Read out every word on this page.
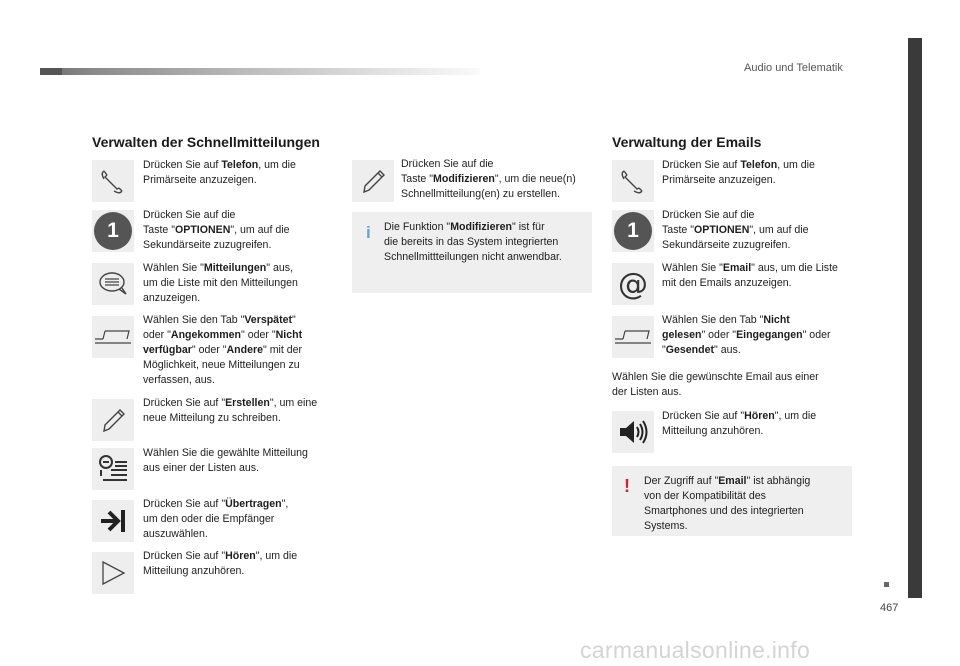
Audio und Telematik
467
Verwalten der Schnellmitteilungen
Drücken Sie auf Telefon, um die
Primärseite anzuzeigen.
1
Drücken Sie auf die
Taste "OPTIONEN", um auf die
Sekundärseite zuzugreifen.
Wählen Sie "Mitteilungen" aus,
um die Liste mit den Mitteilungen
anzuzeigen.
Wählen Sie den Tab "Verspätet"
oder "Angekommen" oder "Nicht
verfügbar" oder "Andere" mit der
Möglichkeit, neue Mitteilungen zu
verfassen, aus.
Drücken Sie auf "Erstellen", um eine
neue Mitteilung zu schreiben.
Wählen Sie die gewählte Mitteilung
aus einer der Listen aus.
Drücken Sie auf "Übertragen",
um den oder die Empfänger
auszuwählen.
Drücken Sie auf "Hören", um die
Mitteilung anzuhören.
Drücken Sie auf die
Taste "Modifizieren", um die neue(n)
Schnellmitteilung(en) zu erstellen.
i Die Funktion "Modifizieren" ist für
die bereits in das System integrierten
Schnellmittteilungen nicht anwendbar.
Verwaltung der Emails
Drücken Sie auf Telefon, um die
Primärseite anzuzeigen.
1
Drücken Sie auf die
Taste "OPTIONEN", um auf die
Sekundärseite zuzugreifen.
@ Wählen Sie "Email" aus, um die Liste
mit den Emails anzuzeigen.
Wählen Sie den Tab "Nicht
gelesen" oder "Eingegangen" oder
"Gesendet" aus.
Wählen Sie die gewünschte Email aus einer
der Listen aus.
Drücken Sie auf "Hören", um die
Mitteilung anzuhören.
! Der Zugriff auf "Email" ist abhängig
von der Kompatibilität des
Smartphones und des integrierten
Systems.
carmanualsonline.info
